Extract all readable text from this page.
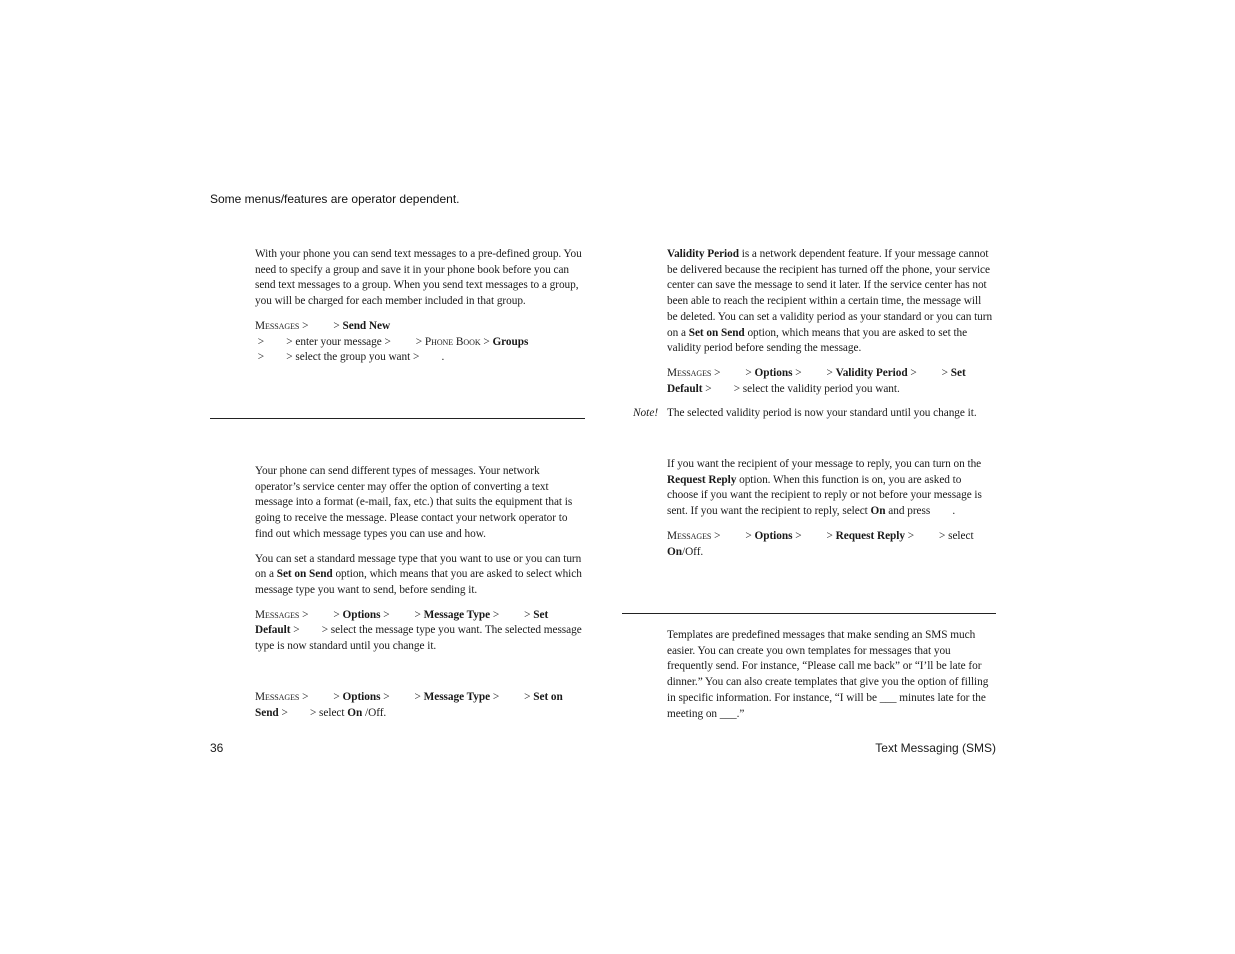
Some menus/features are operator dependent.

With your phone you can send text messages to a pre-defined group. You need to specify a group and save it in your phone book before you can send text messages to a group. When you send text messages to a group, you will be charged for each member included in that group.

Messages >         > Send New >        > enter your message >         > Phone Book > Groups >        > select the group you want >        .

Your phone can send different types of messages. Your network operator’s service center may offer the option of converting a text message into a format (e-mail, fax, etc.) that suits the equipment that is going to receive the message. Please contact your network operator to find out which message types you can use and how.

You can set a standard message type that you want to use or you can turn on a Set on Send option, which means that you are asked to select which message type you want to send, before sending it.

Messages >         > Options >         > Message Type >         > Set Default >        > select the message type you want. The selected message type is now standard until you change it.

Messages >         > Options >         > Message Type >         > Set on Send >        > select On /Off.

Validity Period is a network dependent feature. If your message cannot be delivered because the recipient has turned off the phone, your service center can save the message to send it later. If the service center has not been able to reach the recipient within a certain time, the message will be deleted. You can set a validity period as your standard or you can turn on a Set on Send option, which means that you are asked to set the validity period before sending the message.

Messages >         > Options >         > Validity Period >         > Set Default >        > select the validity period you want.

The selected validity period is now your standard until you change it.

Note!

If you want the recipient of your message to reply, you can turn on the Request Reply option. When this function is on, you are asked to choose if you want the recipient to reply or not before your message is sent. If you want the recipient to reply, select On and press        .

Messages >         > Options >         > Request Reply >         > select On/Off.

Templates are predefined messages that make sending an SMS much easier. You can create you own templates for messages that you frequently send. For instance, “Please call me back” or “I’ll be late for dinner.” You can also create templates that give you the option of filling in specific information. For instance, “I will be ___ minutes late for the meeting on ___.”

36	Text Messaging (SMS)
